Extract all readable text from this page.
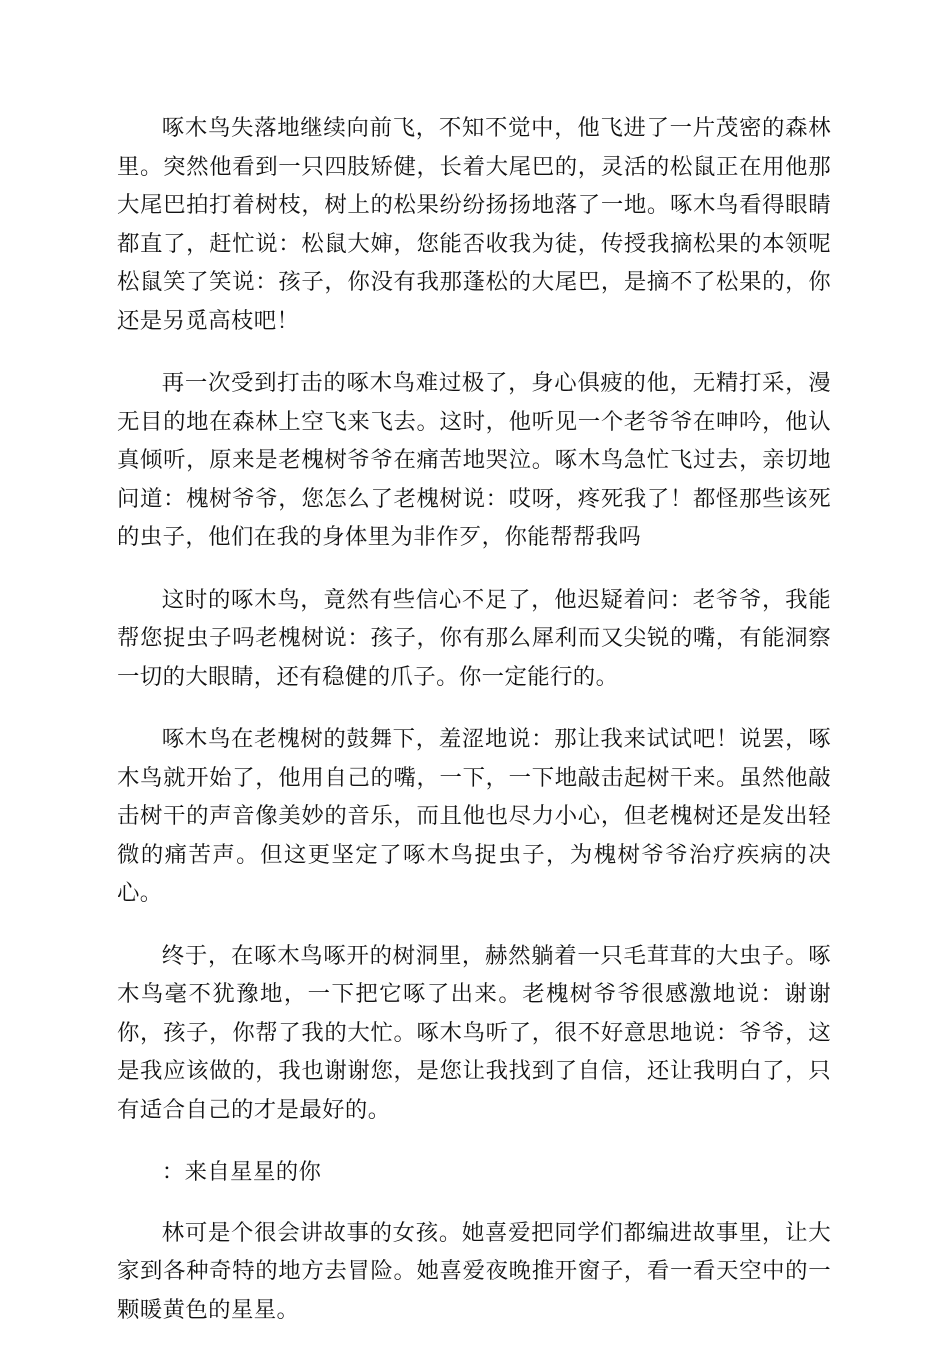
啄木鸟失落地继续向前飞，不知不觉中，他飞进了一片茂密的森林里。突然他看到一只四肢矫健，长着大尾巴的，灵活的松鼠正在用他那大尾巴拍打着树枝，树上的松果纷纷扬扬地落了一地。啄木鸟看得眼睛都直了，赶忙说：松鼠大婶，您能否收我为徒，传授我摘松果的本领呢松鼠笑了笑说：孩子，你没有我那蓬松的大尾巴，是摘不了松果的，你还是另觅高枝吧！

再一次受到打击的啄木鸟难过极了，身心俱疲的他，无精打采，漫无目的地在森林上空飞来飞去。这时，他听见一个老爷爷在呻吟，他认真倾听，原来是老槐树爷爷在痛苦地哭泣。啄木鸟急忙飞过去，亲切地问道：槐树爷爷，您怎么了老槐树说：哎呀，疼死我了！都怪那些该死的虫子，他们在我的身体里为非作歹，你能帮帮我吗

这时的啄木鸟，竟然有些信心不足了，他迟疑着问：老爷爷，我能帮您捉虫子吗老槐树说：孩子，你有那么犀利而又尖锐的嘴，有能洞察一切的大眼睛，还有稳健的爪子。你一定能行的。

啄木鸟在老槐树的鼓舞下，羞涩地说：那让我来试试吧！说罢，啄木鸟就开始了，他用自己的嘴，一下，一下地敲击起树干来。虽然他敲击树干的声音像美妙的音乐，而且他也尽力小心，但老槐树还是发出轻微的痛苦声。但这更坚定了啄木鸟捉虫子，为槐树爷爷治疗疾病的决心。

终于，在啄木鸟啄开的树洞里，赫然躺着一只毛茸茸的大虫子。啄木鸟毫不犹豫地，一下把它啄了出来。老槐树爷爷很感激地说：谢谢你，孩子，你帮了我的大忙。啄木鸟听了，很不好意思地说：爷爷，这是我应该做的，我也谢谢您，是您让我找到了自信，还让我明白了，只有适合自己的才是最好的。

：来自星星的你

林可是个很会讲故事的女孩。她喜爱把同学们都编进故事里，让大家到各种奇特的地方去冒险。她喜爱夜晚推开窗子，看一看天空中的一颗暖黄色的星星。
